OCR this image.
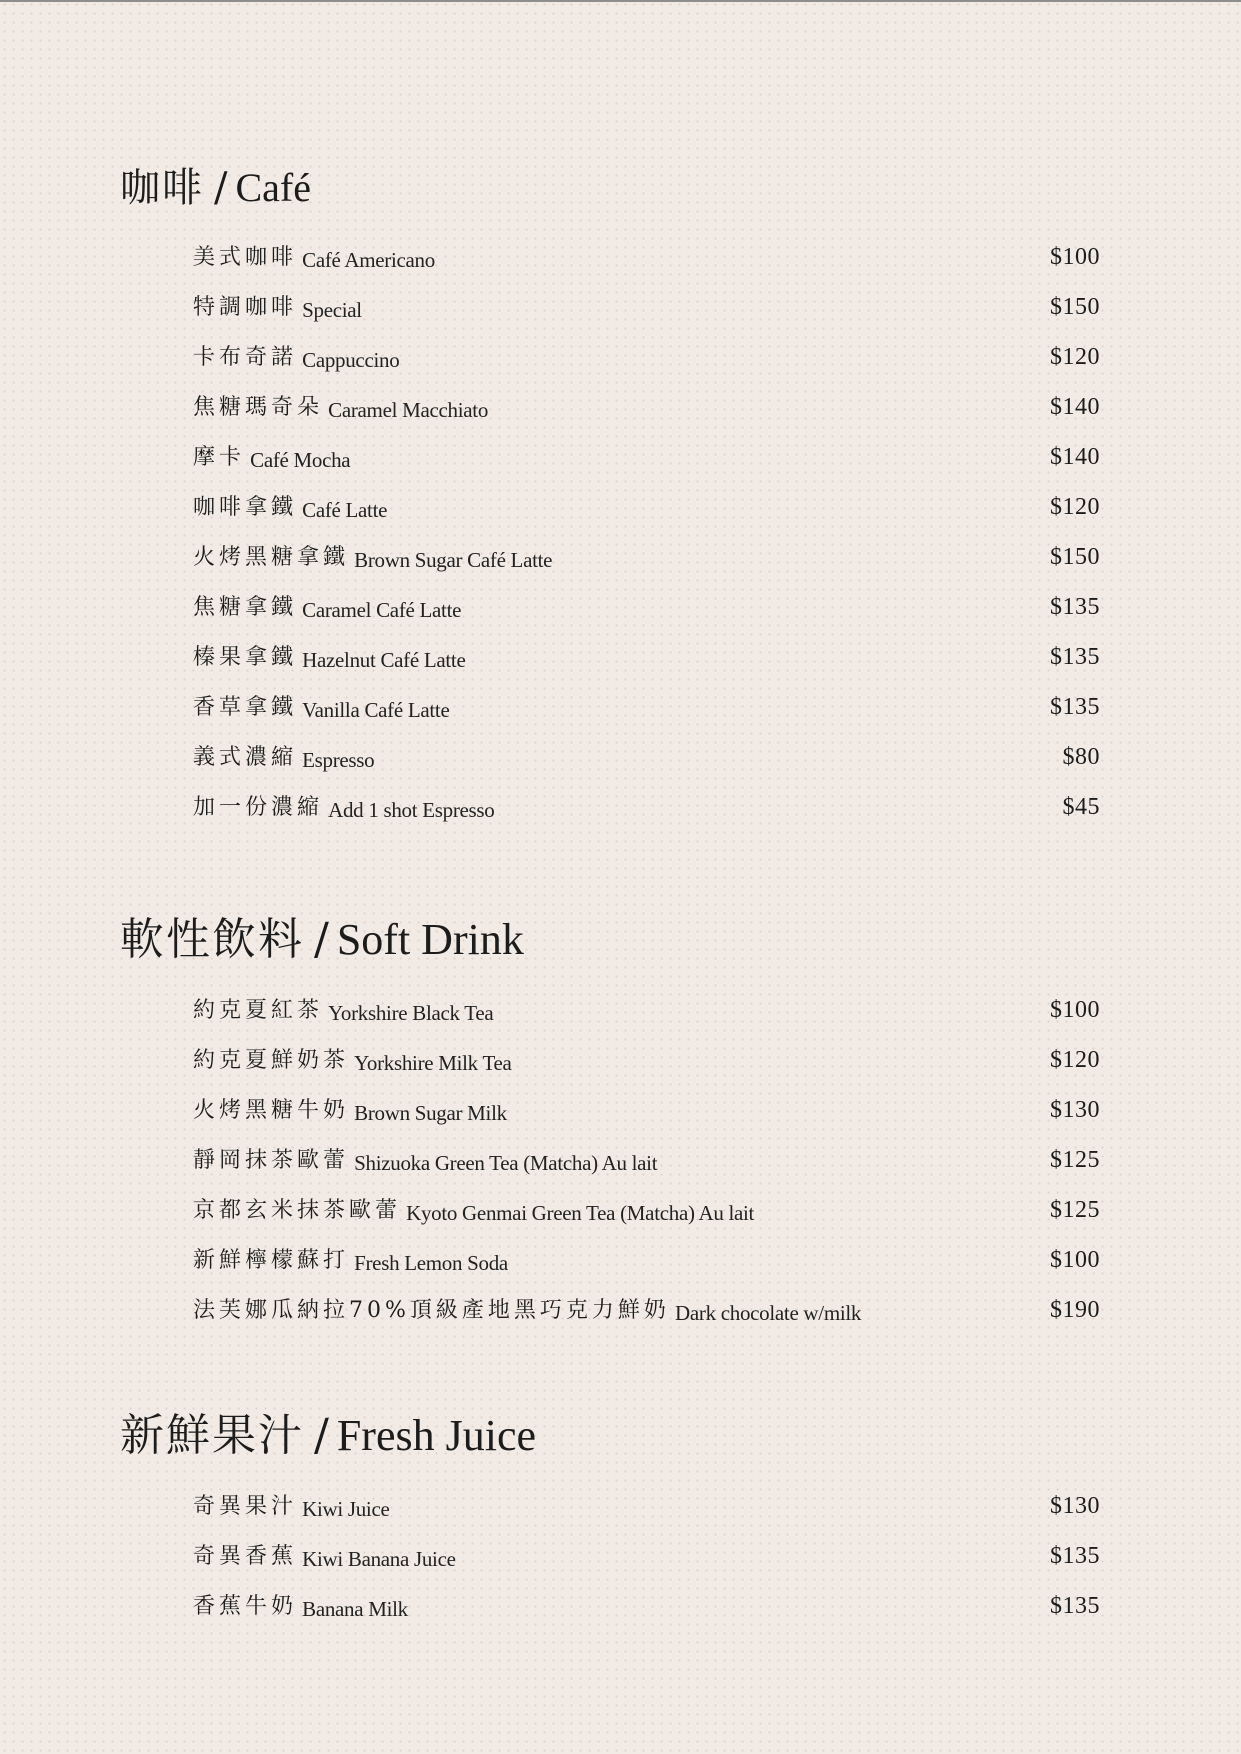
咖啡 / Café
美式咖啡 Café Americano	$100
特調咖啡 Special	$150
卡布奇諾 Cappuccino	$120
焦糖瑪奇朵 Caramel Macchiato	$140
摩卡 Café Mocha	$140
咖啡拿鐵 Café Latte	$120
火烤黑糖拿鐵 Brown Sugar Café Latte	$150
焦糖拿鐵 Caramel Café Latte	$135
榛果拿鐵 Hazelnut Café Latte	$135
香草拿鐵 Vanilla Café Latte	$135
義式濃縮 Espresso	$80
加一份濃縮 Add 1 shot Espresso	$45
軟性飲料 / Soft Drink
約克夏紅茶 Yorkshire Black Tea	$100
約克夏鮮奶茶 Yorkshire Milk Tea	$120
火烤黑糖牛奶 Brown Sugar Milk	$130
靜岡抹茶歐蕾 Shizuoka Green Tea (Matcha) Au lait	$125
京都玄米抹茶歐蕾 Kyoto Genmai Green Tea (Matcha) Au lait	$125
新鮮檸檬蘇打 Fresh Lemon Soda	$100
法芙娜瓜納拉70%頂級產地黑巧克力鮮奶 Dark chocolate w/milk	$190
新鮮果汁 / Fresh Juice
奇異果汁 Kiwi Juice	$130
奇異香蕉 Kiwi Banana Juice	$135
香蕉牛奶 Banana Milk	$135
